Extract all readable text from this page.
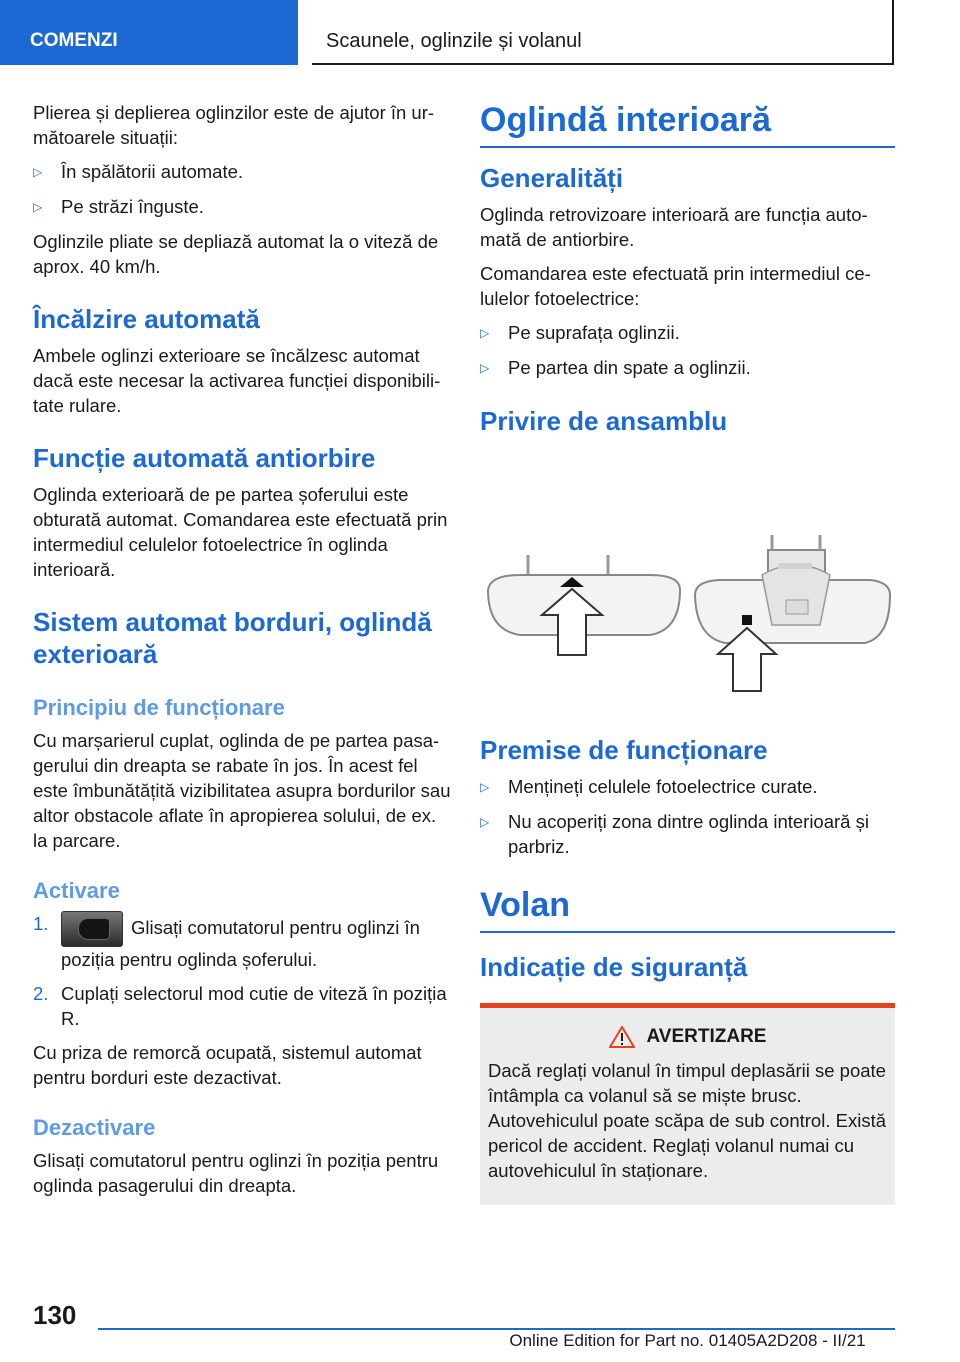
COMENZI	Scaunele, oglinzile și volanul

Plierea și deplierea oglinzilor este de ajutor în următoarele situații:

▷	În spălătorii automate.
▷	Pe străzi înguste.

Oglinzile pliate se depliază automat la o viteză de aprox. 40 km/h.

Încălzire automată

Ambele oglinzi exterioare se încălzesc automat dacă este necesar la activarea funcției disponibilitate rulare.

Funcție automată antiorbire

Oglinda exterioară de pe partea șoferului este obturată automat. Comandarea este efectuată prin intermediul celulelor fotoelectrice în oglinda interioară.

Sistem automat borduri, oglindă exterioară
Principiu de funcționare

Cu marșarierul cuplat, oglinda de pe partea pasagerului din dreapta se rabate în jos. În acest fel este îmbunătățită vizibilitatea asupra bordurilor sau altor obstacole aflate în apropierea solului, de ex. la parcare.

Activare
1.	Glisați comutatorul pentru oglinzi în poziția pentru oglinda șoferului.
2. Cuplați selectorul mod cutie de viteză în poziția R.

Cu priza de remorcă ocupată, sistemul automat pentru borduri este dezactivat.

Dezactivare

Glisați comutatorul pentru oglinzi în poziția pentru oglinda pasagerului din dreapta.

Oglindă interioară
Generalități

Oglinda retrovizoare interioară are funcția automată de antiorbire.

Comandarea este efectuată prin intermediul celulelor fotoelectrice:

▷	Pe suprafața oglinzii.
▷	Pe partea din spate a oglinzii.
Privire de ansamblu
Premise de funcționare
▷	Mențineți celulele fotoelectrice curate.
▷	Nu acoperiți zona dintre oglinda interioară și parbriz.
Volan
Indicație de siguranță
AVERTIZARE

Dacă reglați volanul în timpul deplasării se poate întâmpla ca volanul să se miște brusc. Autovehiculul poate scăpa de sub control. Există pericol de accident. Reglați volanul numai cu autovehiculul în staționare.

130
Online Edition for Part no. 01405A2D208 - II/21
